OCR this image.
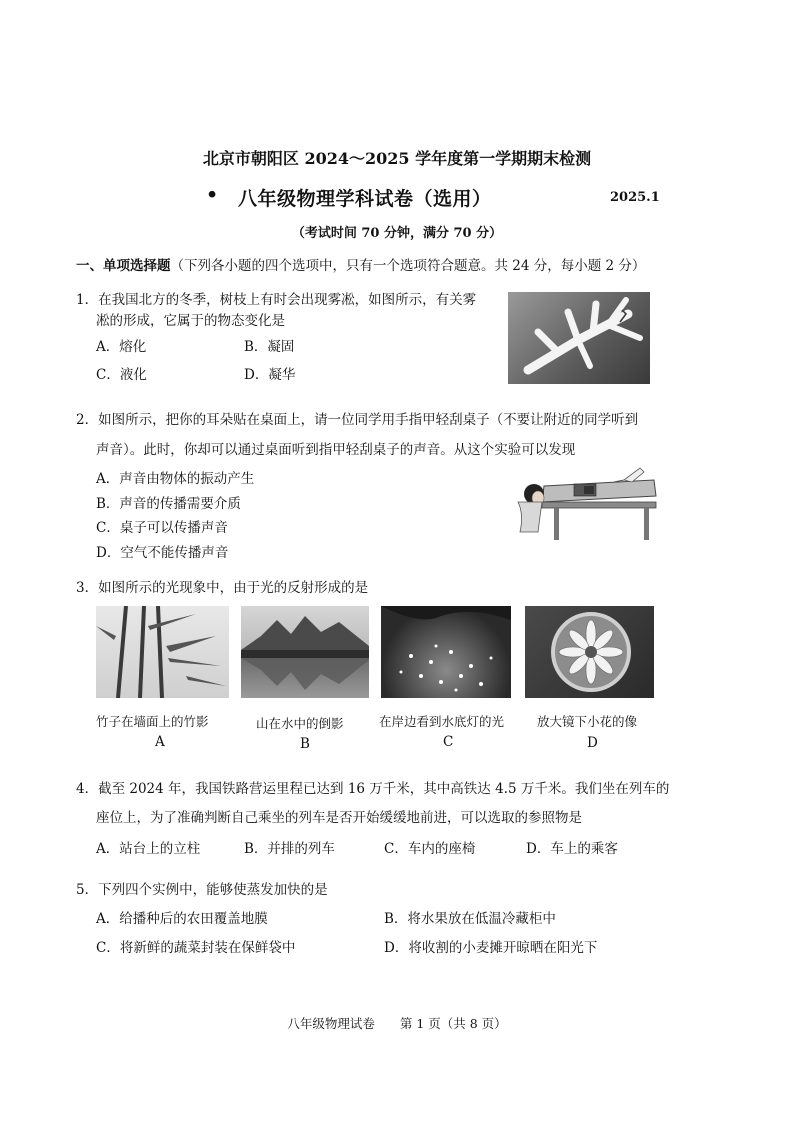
北京市朝阳区 2024～2025 学年度第一学期期末检测
• 八年级物理学科试卷（选用）	2025.1
（考试时间 70 分钟，满分 70 分）
一、单项选择题（下列各小题的四个选项中，只有一个选项符合题意。共 24 分，每小题 2 分）
1．在我国北方的冬季，树枝上有时会出现雾凇，如图所示，有关雾
凇的形成，它属于的物态变化是
A．熔化	B．凝固
C．液化	D．凝华
2．如图所示，把你的耳朵贴在桌面上，请一位同学用手指甲轻刮桌子（不要让附近的同学听到
声音）。此时，你却可以通过桌面听到指甲轻刮桌子的声音。从这个实验可以发现
A．声音由物体的振动产生
B．声音的传播需要介质
C．桌子可以传播声音
D．空气不能传播声音
3．如图所示的光现象中，由于光的反射形成的是
竹子在墙面上的竹影	山在水中的倒影	在岸边看到水底灯的光	放大镜下小花的像
A	B	C	D
4．截至 2024 年，我国铁路营运里程已达到 16 万千米，其中高铁达 4.5 万千米。我们坐在列车的
座位上，为了准确判断自己乘坐的列车是否开始缓缓地前进，可以选取的参照物是
A．站台上的立柱	B．并排的列车	C．车内的座椅	D．车上的乘客
5．下列四个实例中，能够使蒸发加快的是
A．给播种后的农田覆盖地膜	B．将水果放在低温冷藏柜中
C．将新鲜的蔬菜封装在保鲜袋中	D．将收割的小麦摊开晾晒在阳光下
八年级物理试卷　　第 1 页（共 8 页）
